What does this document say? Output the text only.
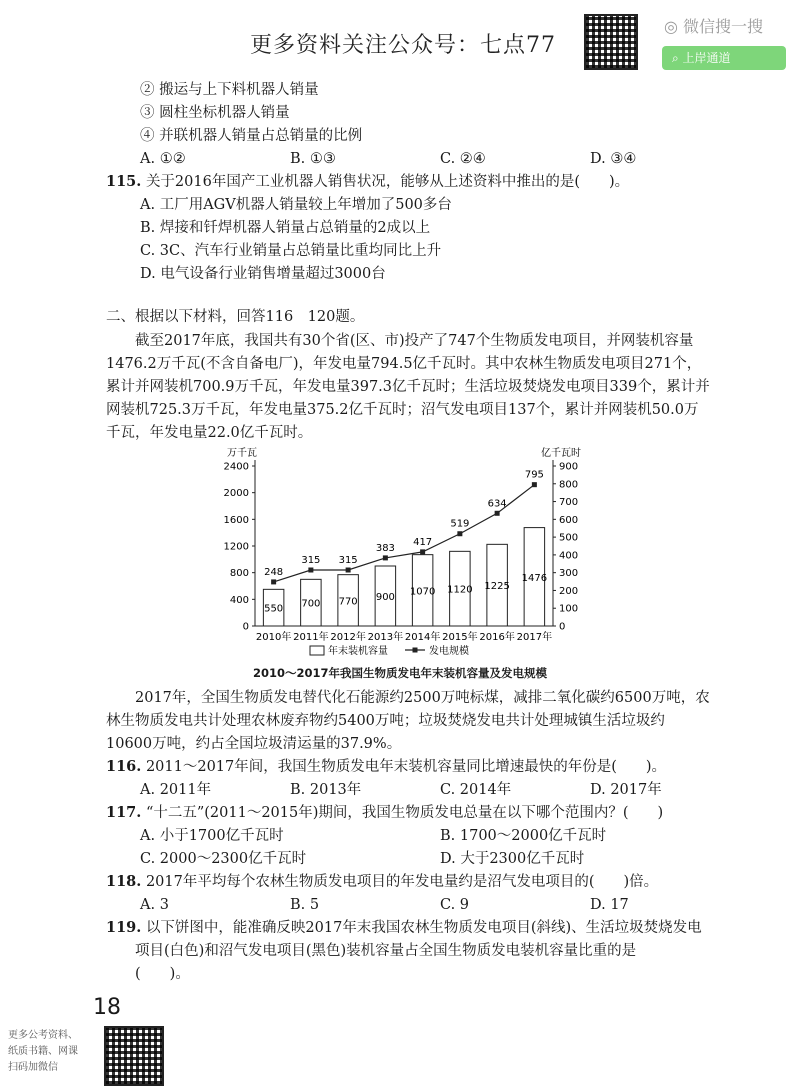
更多资料关注公众号：七点77
◎ 微信搜一搜
⌕ 上岸通道
② 搬运与上下料机器人销量
③ 圆柱坐标机器人销量
④ 并联机器人销量占总销量的比例
A. ①②	B. ①③	C. ②④	D. ③④
115. 关于2016年国产工业机器人销售状况，能够从上述资料中推出的是(　　)。
A. 工厂用AGV机器人销量较上年增加了500多台
B. 焊接和钎焊机器人销量占总销量的2成以上
C. 3C、汽车行业销量占总销量比重均同比上升
D. 电气设备行业销售增量超过3000台
二、根据以下材料，回答116　120题。
截至2017年底，我国共有30个省(区、市)投产了747个生物质发电项目，并网装机容量
1476.2万千瓦(不含自备电厂)，年发电量794.5亿千瓦时。其中农林生物质发电项目271个，
累计并网装机700.9万千瓦，年发电量397.3亿千瓦时；生活垃圾焚烧发电项目339个，累计并
网装机725.3万千瓦，年发电量375.2亿千瓦时；沼气发电项目137个，累计并网装机50.0万
千瓦，年发电量22.0亿千瓦时。
万千瓦	亿千瓦时
0
400
800
1200
1600
2000
2400
0
100
200
300
400
500
600
700
800
900
550
2010年
700
2011年
770
2012年
900
2013年
1070
2014年
1120
2015年
1225
2016年
1476
2017年
248
315 315
383
417
519
634
795
年末装机容量	发电规模
2010～2017年我国生物质发电年末装机容量及发电规模
2017年，全国生物质发电替代化石能源约2500万吨标煤，减排二氧化碳约6500万吨，农
林生物质发电共计处理农林废弃物约5400万吨；垃圾焚烧发电共计处理城镇生活垃圾约
10600万吨，约占全国垃圾清运量的37.9%。
116. 2011～2017年间，我国生物质发电年末装机容量同比增速最快的年份是(　　)。
A. 2011年	B. 2013年	C. 2014年	D. 2017年
117. “十二五”(2011～2015年)期间，我国生物质发电总量在以下哪个范围内？(　　)
A. 小于1700亿千瓦时	B. 1700～2000亿千瓦时
C. 2000～2300亿千瓦时	D. 大于2300亿千瓦时
118. 2017年平均每个农林生物质发电项目的年发电量约是沼气发电项目的(　　)倍。
A. 3	B. 5	C. 9	D. 17
119. 以下饼图中，能准确反映2017年末我国农林生物质发电项目(斜线)、生活垃圾焚烧发电
项目(白色)和沼气发电项目(黑色)装机容量占全国生物质发电装机容量比重的是
(　　)。
18
更多公考资料、
纸质书籍、网课
扫码加微信
